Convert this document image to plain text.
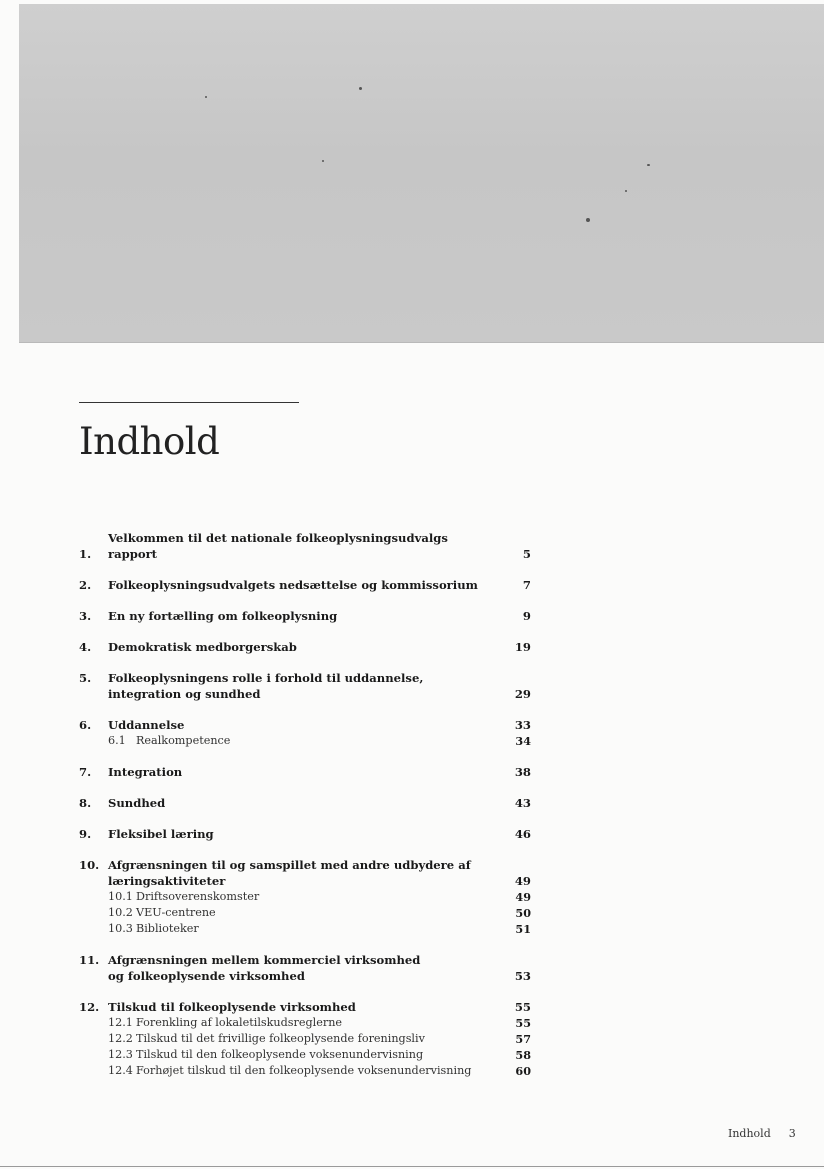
Indhold
1.
Velkommen til det nationale folkeoplysningsudvalgs rapport	5
2.	Folkeoplysningsudvalgets nedsættelse og kommissorium	7
3.	En ny fortælling om folkeoplysning	9
4.	Demokratisk medborgerskab	19
5.	Folkeoplysningens rolle i forhold til uddannelse,
integration og sundhed	29
6.	Uddannelse	33
6.1 Realkompetence	34
7.	Integration	38
8.	Sundhed	43
9.	Fleksibel læring	46
10. Afgrænsningen til og samspillet med andre udbydere af
læringsaktiviteter	49
10.1 Driftsoverenskomster	49
10.2 VEU-centrene	50
10.3 Biblioteker	51
11. Afgrænsningen mellem kommerciel virksomhed
og folkeoplysende virksomhed	53
12. Tilskud til folkeoplysende virksomhed	55
12.1 Forenkling af lokaletilskudsreglerne	55
12.2 Tilskud til det frivillige folkeoplysende foreningsliv	57
12.3 Tilskud til den folkeoplysende voksenundervisning	58
12.4 Forhøjet tilskud til den folkeoplysende voksenundervisning	60
Indhold 3
